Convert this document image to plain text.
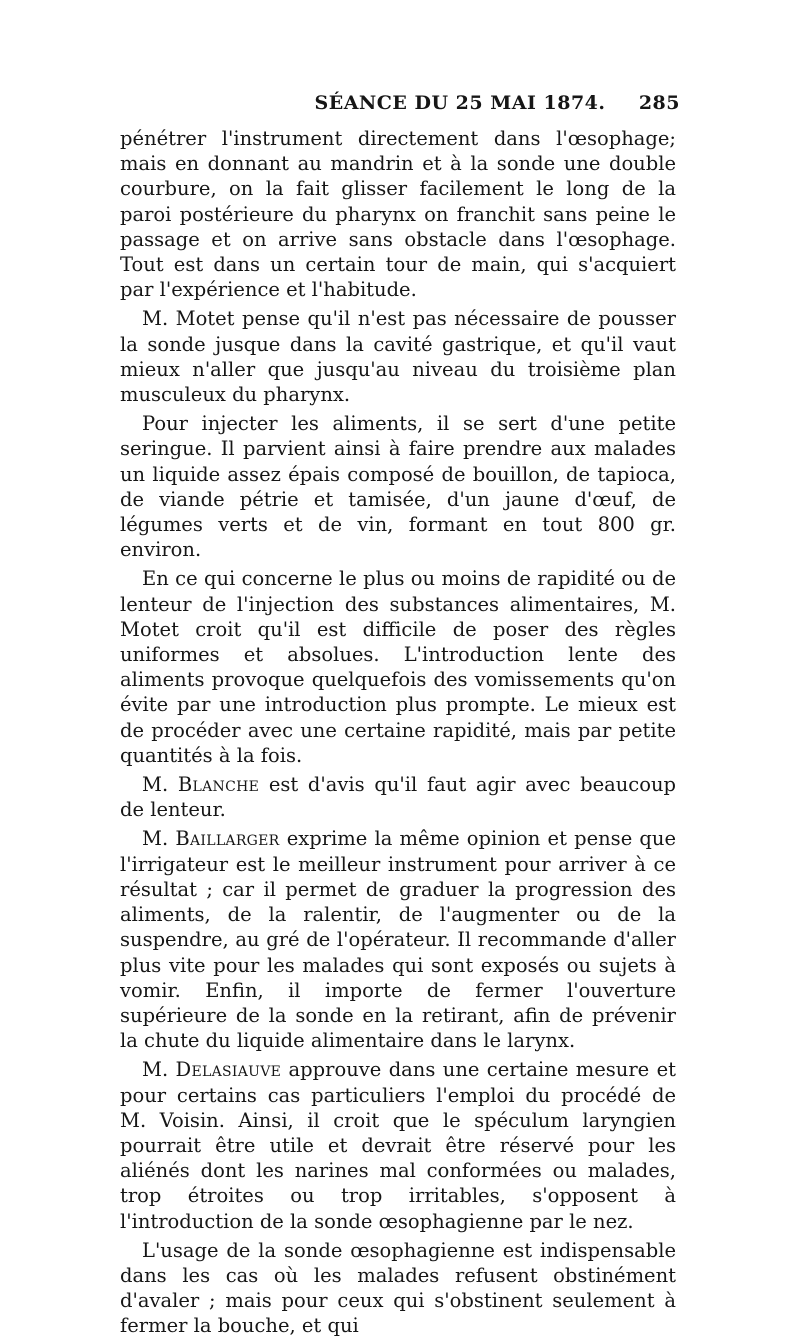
SÉANCE DU 25 MAI 1874.	285

pénétrer l'instrument directement dans l'œsophage; mais en donnant au mandrin et à la sonde une double courbure, on la fait glisser facilement le long de la paroi postérieure du pharynx on franchit sans peine le passage et on arrive sans obstacle dans l'œsophage. Tout est dans un certain tour de main, qui s'acquiert par l'expérience et l'habitude.

M. Motet pense qu'il n'est pas nécessaire de pousser la sonde jusque dans la cavité gastrique, et qu'il vaut mieux n'aller que jusqu'au niveau du troisième plan musculeux du pharynx.

Pour injecter les aliments, il se sert d'une petite seringue. Il parvient ainsi à faire prendre aux malades un liquide assez épais composé de bouillon, de tapioca, de viande pétrie et tamisée, d'un jaune d'œuf, de légumes verts et de vin, formant en tout 800 gr. environ.

En ce qui concerne le plus ou moins de rapidité ou de lenteur de l'injection des substances alimentaires, M. Motet croit qu'il est difficile de poser des règles uniformes et absolues. L'introduction lente des aliments provoque quelquefois des vomissements qu'on évite par une introduction plus prompte. Le mieux est de procéder avec une certaine rapidité, mais par petite quantités à la fois.

M. Blanche est d'avis qu'il faut agir avec beaucoup de lenteur.

M. Baillarger exprime la même opinion et pense que l'irrigateur est le meilleur instrument pour arriver à ce résultat ; car il permet de graduer la progression des aliments, de la ralentir, de l'augmenter ou de la suspendre, au gré de l'opérateur. Il recommande d'aller plus vite pour les malades qui sont exposés ou sujets à vomir. Enfin, il importe de fermer l'ouverture supérieure de la sonde en la retirant, afin de prévenir la chute du liquide alimentaire dans le larynx.

M. Delasiauve approuve dans une certaine mesure et pour certains cas particuliers l'emploi du procédé de M. Voisin. Ainsi, il croit que le spéculum laryngien pourrait être utile et devrait être réservé pour les aliénés dont les narines mal conformées ou malades, trop étroites ou trop irritables, s'opposent à l'introduction de la sonde œsophagienne par le nez.

L'usage de la sonde œsophagienne est indispensable dans les cas où les malades refusent obstinément d'avaler ; mais pour ceux qui s'obstinent seulement à fermer la bouche, et qui
